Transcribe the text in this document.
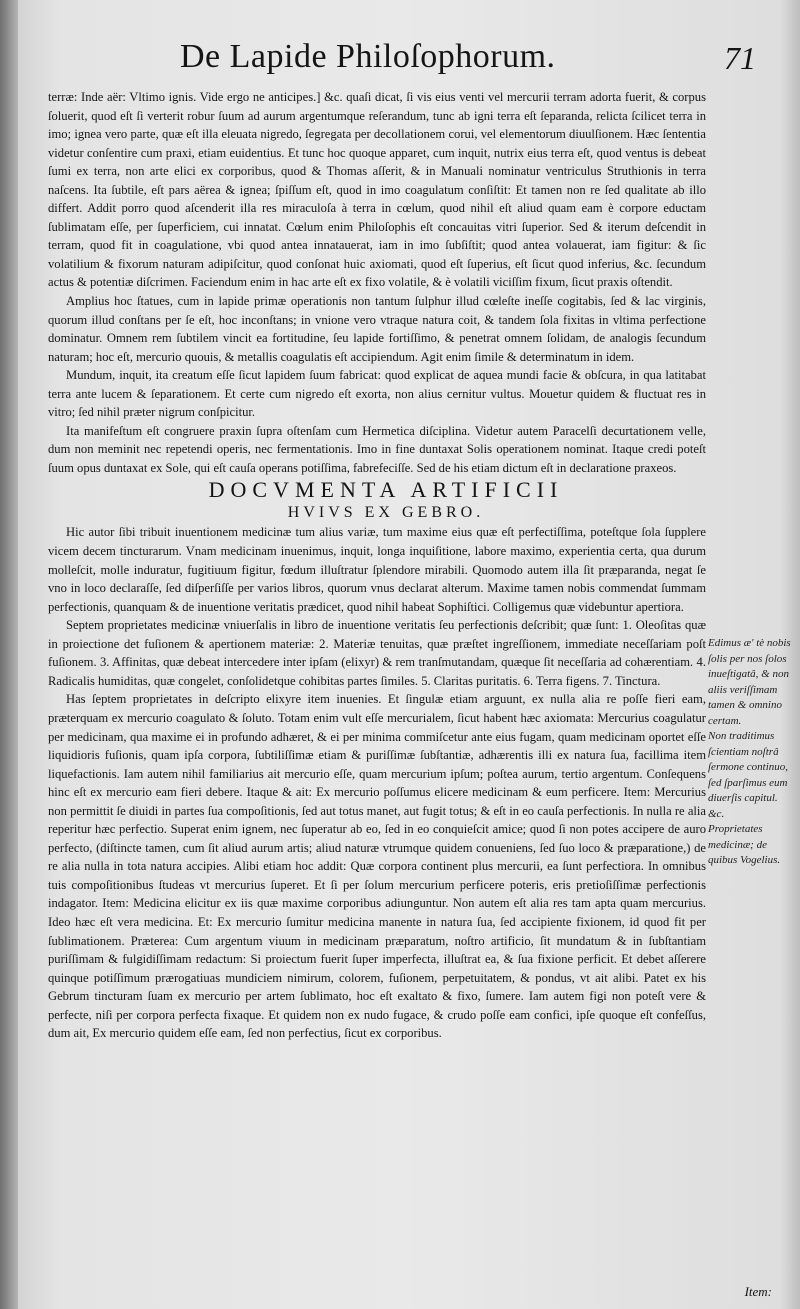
De Lapide Philoſophorum.	71

terræ: Inde aër: Vltimo ignis. Vide ergo ne anticipes.] &c. quaſi dicat, ſi vis eius venti vel mercurii terram adorta fuerit, & corpus ſoluerit, quod eſt ſi verterit robur ſuum ad aurum argentumque reſerandum, tunc ab igni terra eſt ſeparanda, relicta ſcilicet terra in imo; ignea vero parte, quæ eſt illa eleuata nigredo, ſegregata per decollationem corui, vel elementorum diuulſionem. Hæc ſententia videtur conſentire cum praxi, etiam euidentius. Et tunc hoc quoque apparet, cum inquit, nutrix eius terra eſt, quod ventus is debeat ſumi ex terra, non arte elici ex corporibus, quod & Thomas aſſerit, & in Manuali nominatur ventriculus Struthionis in terra naſcens. Ita ſubtile, eſt pars aërea & ignea; ſpiſſum eſt, quod in imo coagulatum conſiſtit: Et tamen non re ſed qualitate ab illo differt. Addit porro quod aſcenderit illa res miraculoſa à terra in cœlum, quod nihil eſt aliud quam eam è corpore eductam ſublimatam eſſe, per ſuperficiem, cui innatat. Cœlum enim Philoſophis eſt concauitas vitri ſuperior. Sed & iterum deſcendit in terram, quod fit in coagulatione, vbi quod antea innatauerat, iam in imo ſubſiſtit; quod antea volauerat, iam figitur: & ſic volatilium & fixorum naturam adipiſcitur, quod conſonat huic axiomati, quod eſt ſuperius, eſt ſicut quod inferius, &c. ſecundum actus & potentiæ diſcrimen. Faciendum enim in hac arte eſt ex fixo volatile, & è volatili viciſſim fixum, ſicut praxis oſtendit.

Amplius hoc ſtatues, cum in lapide primæ operationis non tantum ſulphur illud cœleſte ineſſe cogitabis, ſed & lac virginis, quorum illud conſtans per ſe eſt, hoc inconſtans; in vnione vero vtraque natura coit, & tandem ſola fixitas in vltima perfectione dominatur. Omnem rem ſubtilem vincit ea fortitudine, ſeu lapide fortiſſimo, & penetrat omnem ſolidam, de analogis ſecundum naturam; hoc eſt, mercurio quouis, & metallis coagulatis eſt accipiendum. Agit enim ſimile & determinatum in idem.

Mundum, inquit, ita creatum eſſe ſicut lapidem ſuum fabricat: quod explicat de aquea mundi facie & obſcura, in qua latitabat terra ante lucem & ſeparationem. Et certe cum nigredo eſt exorta, non alius cernitur vultus. Mouetur quidem & fluctuat res in vitro; ſed nihil præter nigrum conſpicitur.

Ita manifeſtum eſt congruere praxin ſupra oſtenſam cum Hermetica diſciplina. Videtur autem Paracelſi decurtationem velle, dum non meminit nec repetendi operis, nec fermentationis. Imo in fine duntaxat Solis operationem nominat. Itaque credi poteſt ſuum opus duntaxat ex Sole, qui eſt cauſa operans potiſſima, fabrefeciſſe. Sed de his etiam dictum eſt in declaratione praxeos.

DOCVMENTA ARTIFICII

HVIVS EX GEBRO.

Hic autor ſibi tribuit inuentionem medicinæ tum alius variæ, tum maxime eius quæ eſt perfectiſſima, poteſtque ſola ſupplere vicem decem tincturarum. Vnam medicinam inuenimus, inquit, longa inquiſitione, labore maximo, experientia certa, qua durum molleſcit, molle induratur, fugitiuum figitur, fœdum illuſtratur ſplendore mirabili. Quomodo autem illa ſit præparanda, negat ſe vno in loco declaraſſe, ſed diſperſiſſe per varios libros, quorum vnus declarat alterum. Maxime tamen nobis commendat ſummam perfectionis, quanquam & de inuentione veritatis prædicet, quod nihil habeat Sophiſtici. Colligemus quæ videbuntur apertiora.

Septem proprietates medicinæ vniuerſalis in libro de inuentione veritatis ſeu perfectionis deſcribit; quæ ſunt: 1. Oleoſitas quæ in proiectione det fuſionem & apertionem materiæ: 2. Materiæ tenuitas, quæ præſtet ingreſſionem, immediate neceſſariam poſt fuſionem. 3. Affinitas, quæ debeat intercedere inter ipſam (elixyr) & rem tranſmutandam, quæque ſit neceſſaria ad cohærentiam. 4. Radicalis humiditas, quæ congelet, conſolidetque cohibitas partes ſimiles. 5. Claritas puritatis. 6. Terra figens. 7. Tinctura.

Has ſeptem proprietates in deſcripto elixyre item inuenies. Et ſingulæ etiam arguunt, ex nulla alia re poſſe fieri eam, præterquam ex mercurio coagulato & ſoluto. Totam enim vult eſſe mercurialem, ſicut habent hæc axiomata: Mercurius coagulatur per medicinam, qua maxime ei in profundo adhæret, & ei per minima commiſcetur ante eius fugam, quam medicinam oportet eſſe liquidioris fuſionis, quam ipſa corpora, ſubtiliſſimæ etiam & puriſſimæ ſubſtantiæ, adhærentis illi ex natura ſua, facillima item liquefactionis. Iam autem nihil familiarius ait mercurio eſſe, quam mercurium ipſum; poſtea aurum, tertio argentum. Conſequens hinc eſt ex mercurio eam fieri debere. Itaque & ait: Ex mercurio poſſumus elicere medicinam & eum perficere. Item: Mercurius non permittit ſe diuidi in partes ſua compoſitionis, ſed aut totus manet, aut fugit totus; & eſt in eo cauſa perfectionis. In nulla re alia reperitur hæc perfectio. Superat enim ignem, nec ſuperatur ab eo, ſed in eo conquieſcit amice; quod ſi non potes accipere de auro perfecto, (diſtincte tamen, cum ſit aliud aurum artis; aliud naturæ vtrumque quidem conueniens, ſed ſuo loco & præparatione,) de re alia nulla in tota natura accipies. Alibi etiam hoc addit: Quæ corpora continent plus mercurii, ea ſunt perfectiora. In omnibus tuis compoſitionibus ſtudeas vt mercurius ſuperet. Et ſi per ſolum mercurium perficere poteris, eris pretioſiſſimæ perfectionis indagator. Item: Medicina elicitur ex iis quæ maxime corporibus adiunguntur. Non autem eſt alia res tam apta quam mercurius. Ideo hæc eſt vera medicina. Et: Ex mercurio ſumitur medicina manente in natura ſua, ſed accipiente fixionem, id quod fit per ſublimationem. Præterea: Cum argentum viuum in medicinam præparatum, noſtro artificio, ſit mundatum & in ſubſtantiam puriſſimam & fulgidiſſimam redactum: Si proiectum fuerit ſuper imperfecta, illuſtrat ea, & ſua fixione perficit. Et debet aſſerere quinque potiſſimum prærogatiuas mundiciem nimirum, colorem, fuſionem, perpetuitatem, & pondus, vt ait alibi. Patet ex his Gebrum tincturam ſuam ex mercurio per artem ſublimato, hoc eſt exaltato & fixo, ſumere. Iam autem figi non poteſt vere & perfecte, niſi per corpora perfecta fixaque. Et quidem non ex nudo fugace, & crudo poſſe eam confici, ipſe quoque eſt confeſſus, dum ait, Ex mercurio quidem eſſe eam, ſed non perfectius, ſicut ex corporibus.

Edimus æ' tè nobis ſolis per nos ſolos inueſtigatâ, & non aliis veriſſimam tamen & omnino certam.

Non traditimus ſcientiam noſtrâ ſermone continuo, ſed ſparſimus eum diuerſis capitul. &c.

Proprietates medicinæ; de quibus Vogelius.

Item:
